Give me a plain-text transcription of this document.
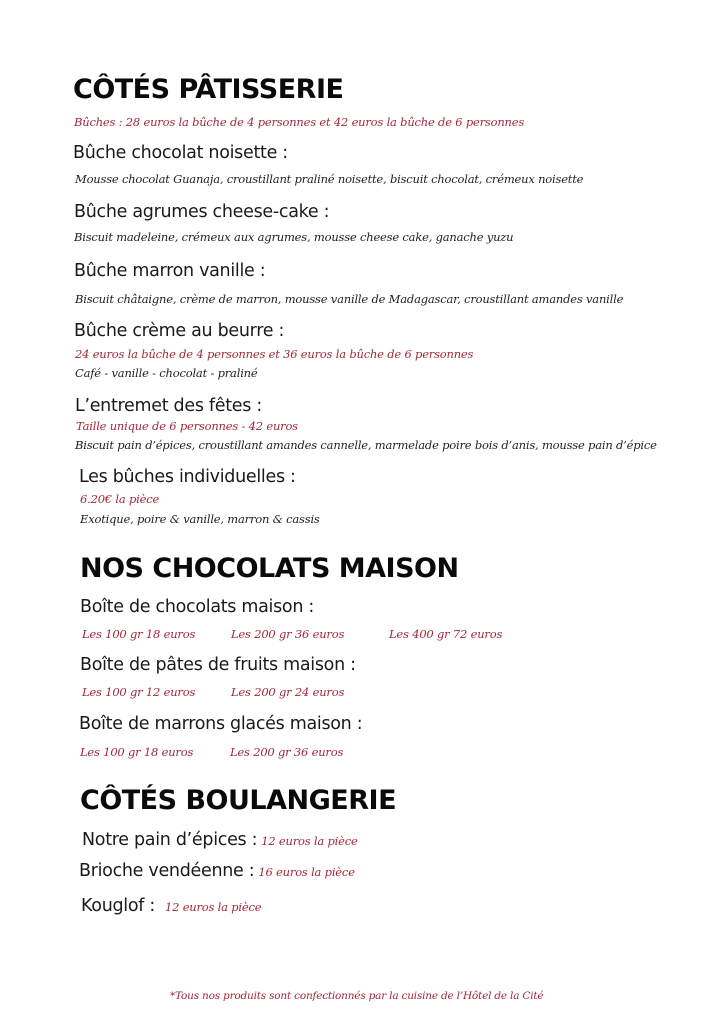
CÔTÉS PÂTISSERIE
Bûches : 28 euros la bûche de 4 personnes et 42 euros la bûche de 6 personnes
Bûche chocolat noisette :
Mousse chocolat Guanaja, croustillant praliné noisette, biscuit chocolat, crémeux noisette
Bûche agrumes cheese-cake :
Biscuit madeleine, crémeux aux agrumes, mousse cheese cake, ganache yuzu
Bûche marron vanille :
Biscuit châtaigne, crème de marron, mousse vanille de Madagascar, croustillant amandes vanille
Bûche crème au beurre :
24 euros la bûche de 4 personnes et 36 euros la bûche de 6 personnes
Café - vanille - chocolat - praliné
L’entremet des fêtes :
Taille unique de 6 personnes - 42 euros
Biscuit pain d’épices, croustillant amandes cannelle, marmelade poire bois d’anis, mousse pain d’épice
Les bûches individuelles :
6.20€ la pièce
Exotique, poire & vanille, marron & cassis
NOS CHOCOLATS MAISON
Boîte de chocolats maison :
Les 100 gr 18 euros	Les 200 gr 36 euros	Les 400 gr 72 euros
Boîte de pâtes de fruits maison :
Les 100 gr 12 euros	Les 200 gr 24 euros
Boîte de marrons glacés maison :
Les 100 gr 18 euros	Les 200 gr 36 euros
CÔTÉS BOULANGERIE
Notre pain d’épices : 12 euros la pièce
Brioche vendéenne : 16 euros la pièce
Kouglof : 12 euros la pièce
*Tous nos produits sont confectionnés par la cuisine de l’Hôtel de la Cité
